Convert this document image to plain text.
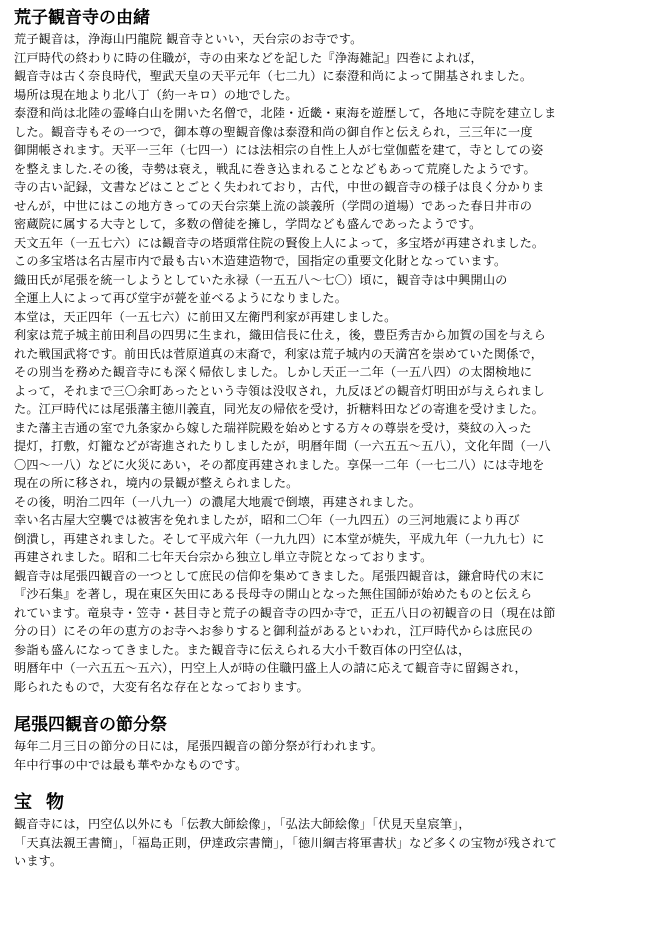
荒子観音寺の由緒
荒子観音は，浄海山円龍院 観音寺といい，天台宗のお寺です。
江戸時代の終わりに時の住職が，寺の由来などを記した『浄海雑記』四巻によれば，
観音寺は古く奈良時代，聖武天皇の天平元年（七二九）に泰澄和尚によって開基されました。
場所は現在地より北八丁（約一キロ）の地でした。
泰澄和尚は北陸の霊峰白山を開いた名僧で，北陸・近畿・東海を遊歴して，各地に寺院を建立しま
した。観音寺もその一つで，御本尊の聖観音像は泰澄和尚の御自作と伝えられ，三三年に一度
御開帳されます。天平一三年（七四一）には法相宗の自性上人が七堂伽藍を建て，寺としての姿
を整えました.その後，寺勢は衰え，戦乱に巻き込まれることなどもあって荒廃したようです。
寺の古い記録，文書などはことごとく失われており，古代，中世の観音寺の様子は良く分かりま
せんが，中世にはこの地方きっての天台宗葉上流の談義所（学問の道場）であった春日井市の
密蔵院に属する大寺として，多数の僧徒を擁し，学問なども盛んであったようです。
天文五年（一五七六）には観音寺の塔頭常住院の賢俊上人によって，多宝塔が再建されました。
この多宝塔は名古屋市内で最も古い木造建造物で，国指定の重要文化財となっています。
織田氏が尾張を統一しようとしていた永禄（一五五八～七〇）頃に，観音寺は中興開山の
全運上人によって再び堂宇が甍を並べるようになりました。
本堂は，天正四年（一五七六）に前田又左衛門利家が再建しました。
利家は荒子城主前田利昌の四男に生まれ，織田信長に仕え，後，豊臣秀吉から加賀の国を与えら
れた戦国武将です。前田氏は菅原道真の末裔で，利家は荒子城内の天満宮を崇めていた関係で，
その別当を務めた観音寺にも深く帰依しました。しかし天正一二年（一五八四）の太閤検地に
よって，それまで三〇余町あったという寺領は没収され，九反ほどの観音灯明田が与えられまし
た。江戸時代には尾張藩主徳川義直，同光友の帰依を受け，折糖料田などの寄進を受けました。
また藩主吉通の室で九条家から嫁した瑞祥院殿を始めとする方々の尊崇を受け，葵紋の入った
提灯，打敷，灯籠などが寄進されたりしましたが，明暦年間（一六五五～五八），文化年間（一八
〇四～一八）などに火災にあい，その都度再建されました。享保一二年（一七二八）には寺地を
現在の所に移され，境内の景観が整えられました。
その後，明治二四年（一八九一）の濃尾大地震で倒壊，再建されました。
幸い名古屋大空襲では被害を免れましたが，昭和二〇年（一九四五）の三河地震により再び
倒潰し，再建されました。そして平成六年（一九九四）に本堂が焼失，平成九年（一九九七）に
再建されました。昭和二七年天台宗から独立し単立寺院となっております。
観音寺は尾張四観音の一つとして庶民の信仰を集めてきました。尾張四観音は，鎌倉時代の末に
『沙石集』を著し，現在東区矢田にある長母寺の開山となった無住国師が始めたものと伝えら
れています。竜泉寺・笠寺・甚目寺と荒子の観音寺の四か寺で，正五八日の初観音の日（現在は節
分の日）にその年の恵方のお寺へお参りすると御利益があるといわれ，江戸時代からは庶民の
参詣も盛んになってきました。また観音寺に伝えられる大小千数百体の円空仏は，
明暦年中（一六五五～五六），円空上人が時の住職円盛上人の請に応えて観音寺に留錫され，
彫られたもので，大変有名な存在となっております。
尾張四観音の節分祭
毎年二月三日の節分の日には，尾張四観音の節分祭が行われます。
年中行事の中では最も華やかなものです。
宝物
観音寺には，円空仏以外にも「伝教大師絵像」，「弘法大師絵像」「伏見天皇宸筆」，
「天真法親王書簡」，「福島正則，伊達政宗書簡」，「徳川綱吉将軍書状」など多くの宝物が残されて
います。
